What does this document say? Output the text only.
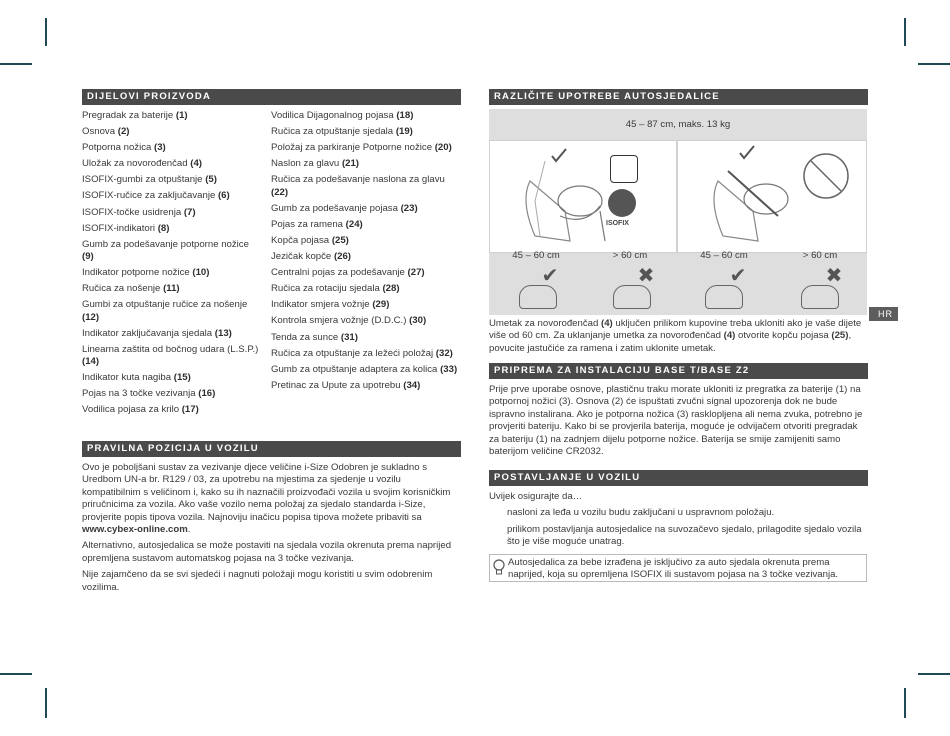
DIJELOVI PROIZVODA
Pregradak za baterije (1)
Osnova (2)
Potporna nožica (3)
Uložak za novorođenčad (4)
ISOFIX-gumbi za otpuštanje (5)
ISOFIX-ručice za zaključavanje (6)
ISOFIX-točke usidrenja (7)
ISOFIX-indikatori (8)
Gumb za podešavanje potporne nožice (9)
Indikator potporne nožice (10)
Ručica za nošenje (11)
Gumbi za otpuštanje ručice za nošenje (12)
Indikator zaključavanja sjedala (13)
Linearna zaštita od bočnog udara (L.S.P.) (14)
Indikator kuta nagiba (15)
Pojas na 3 točke vezivanja (16)
Vodilica pojasa za krilo (17)
Vodilica Dijagonalnog pojasa (18)
Ručica za otpuštanje sjedala (19)
Položaj za parkiranje Potporne nožice (20)
Naslon za glavu (21)
Ručica za podešavanje naslona za glavu (22)
Gumb za podešavanje pojasa (23)
Pojas za ramena (24)
Kopča pojasa (25)
Jezičak kopče (26)
Centralni pojas za podešavanje (27)
Ručica za rotaciju sjedala (28)
Indikator smjera vožnje (29)
Kontrola smjera vožnje (D.D.C.) (30)
Tenda za sunce (31)
Ručica za otpuštanje za ležeći položaj (32)
Gumb za otpuštanje adaptera za kolica (33)
Pretinac za Upute za upotrebu (34)
PRAVILNA POZICIJA U VOZILU

Ovo je poboljšani sustav za vezivanje djece veličine i-Size Odobren je sukladno s Uredbom UN-a br. R129 / 03, za upotrebu na mjestima za sjedenje u vozilu kompatibilnim s veličinom i, kako su ih naznačili proizvođači vozila u svojim korisničkim priručnicima za vozila. Ako vaše vozilo nema položaj za sjedalo standarda i-Size, provjerite popis tipova vozila. Najnoviju inačicu popisa tipova možete pribaviti sa www.cybex-online.com.

Alternativno, autosjedalica se može postaviti na sjedala vozila okrenuta prema naprijed opremljena sustavom automatskog pojasa na 3 točke vezivanja.

Nije zajamčeno da se svi sjedeći i nagnuti položaji mogu koristiti u svim odobrenim vozilima.

RAZLIČITE UPOTREBE AUTOSJEDALICE
45 – 87 cm, maks. 13 kg
ISOFIX
45 – 60 cm	> 60 cm	45 – 60 cm	> 60 cm
✔	✖	✔	✖

Umetak za novorođenčad (4) uključen prilikom kupovine treba ukloniti ako je vaše dijete više od 60 cm. Za uklanjanje umetka za novorođenčad (4) otvorite kopču pojasa (25), povucite jastučiće za ramena i zatim uklonite umetak.

HR
PRIPREMA ZA INSTALACIJU BASE T/BASE Z2

Prije prve uporabe osnove, plastičnu traku morate ukloniti iz pregratka za baterije (1) na potpornoj nožici (3). Osnova (2) će ispuštati zvučni signal upozorenja dok ne bude ispravno instalirana. Ako je potporna nožica (3) rasklopljena ali nema zvuka, potrebno je provjeriti bateriju. Kako bi se provjerila baterija, moguće je odvijačem otvoriti pregradak za bateriju (1) na zadnjem dijelu potporne nožice. Baterija se smije zamijeniti samo baterijom veličine CR2032.

POSTAVLJANJE U VOZILU

Uvijek osigurajte da…

nasloni za leđa u vozilu budu zaključani u uspravnom položaju.

prilikom postavljanja autosjedalice na suvozačevo sjedalo, prilagodite sjedalo vozila što je više moguće unatrag.

Autosjedalica za bebe izrađena je isključivo za auto sjedala okrenuta prema naprijed, koja su opremljena ISOFIX ili sustavom pojasa na 3 točke vezivanja.
